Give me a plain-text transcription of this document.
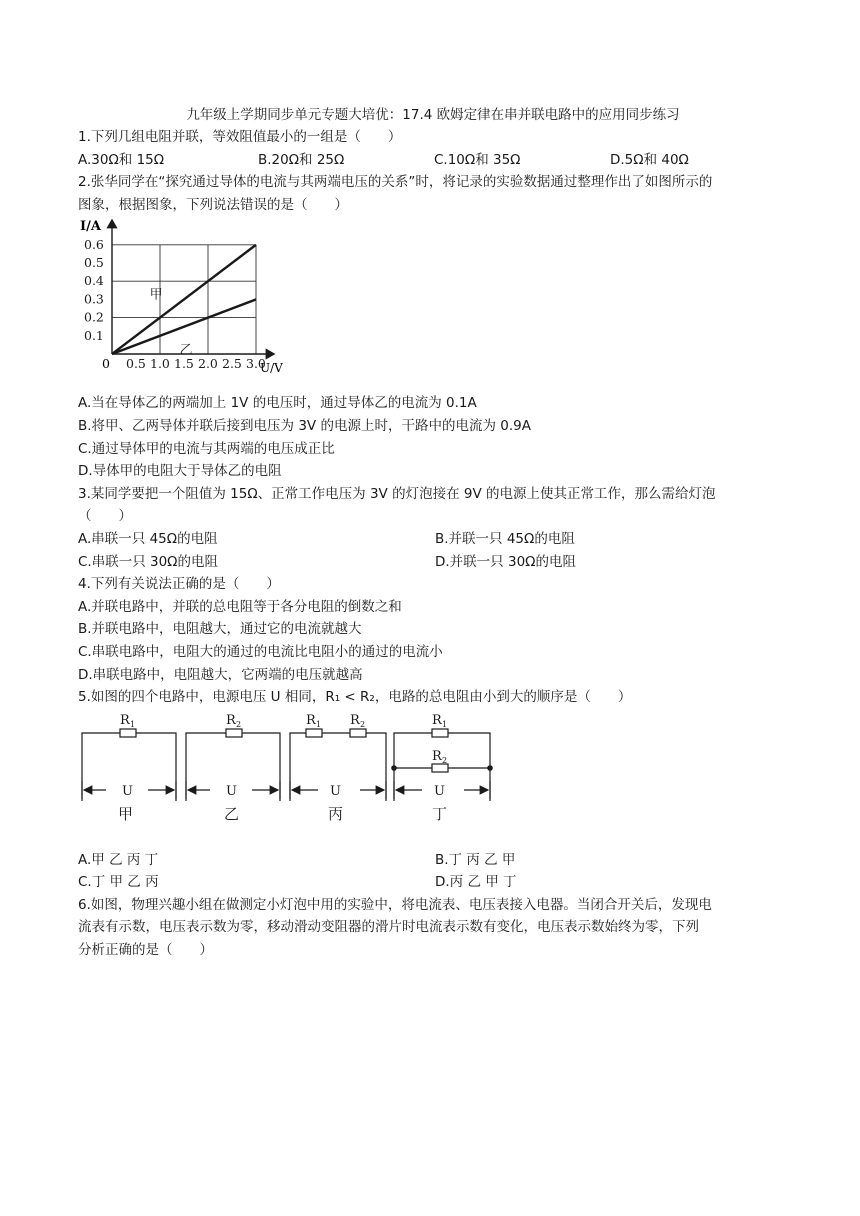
九年级上学期同步单元专题大培优：17.4 欧姆定律在串并联电路中的应用同步练习
1.下列几组电阻并联，等效阻值最小的一组是（　　）
A.30Ω和 15Ω	B.20Ω和 25Ω	C.10Ω和 35Ω	D.5Ω和 40Ω
2.张华同学在“探究通过导体的电流与其两端电压的关系”时，将记录的实验数据通过整理作出了如图所示的
图象，根据图象，下列说法错误的是（　　）
甲
乙
0.5 1.0 1.5 2.0 2.5 3.0
0.1
0.2
0.3
0.4
0.5
0.6
I/A
U/V
0
A.当在导体乙的两端加上 1V 的电压时，通过导体乙的电流为 0.1A
B.将甲、乙两导体并联后接到电压为 3V 的电源上时，干路中的电流为 0.9A
C.通过导体甲的电流与其两端的电压成正比
D.导体甲的电阻大于导体乙的电阻
3.某同学要把一个阻值为 15Ω、正常工作电压为 3V 的灯泡接在 9V 的电源上使其正常工作，那么需给灯泡
（　　）
A.串联一只 45Ω的电阻	B.并联一只 45Ω的电阻
C.串联一只 30Ω的电阻	D.并联一只 30Ω的电阻
4.下列有关说法正确的是（　　）
A.并联电路中，并联的总电阻等于各分电阻的倒数之和
B.并联电路中，电阻越大，通过它的电流就越大
C.串联电路中，电阻大的通过的电流比电阻小的通过的电流小
D.串联电路中，电阻越大，它两端的电压就越高
5.如图的四个电路中，电源电压 U 相同，R₁ < R₂，电路的总电阻由小到大的顺序是（　　）
R 1
U
甲
R 2
U
乙
R 1 R 2
U
丙
R 1
R 2
U
丁
A.甲 乙 丙 丁	B.丁 丙 乙 甲
C.丁 甲 乙 丙	D.丙 乙 甲 丁
6.如图，物理兴趣小组在做测定小灯泡中用的实验中，将电流表、电压表接入电器。当闭合开关后，发现电
流表有示数，电压表示数为零，移动滑动变阻器的滑片时电流表示数有变化，电压表示数始终为零，下列
分析正确的是（　　）
